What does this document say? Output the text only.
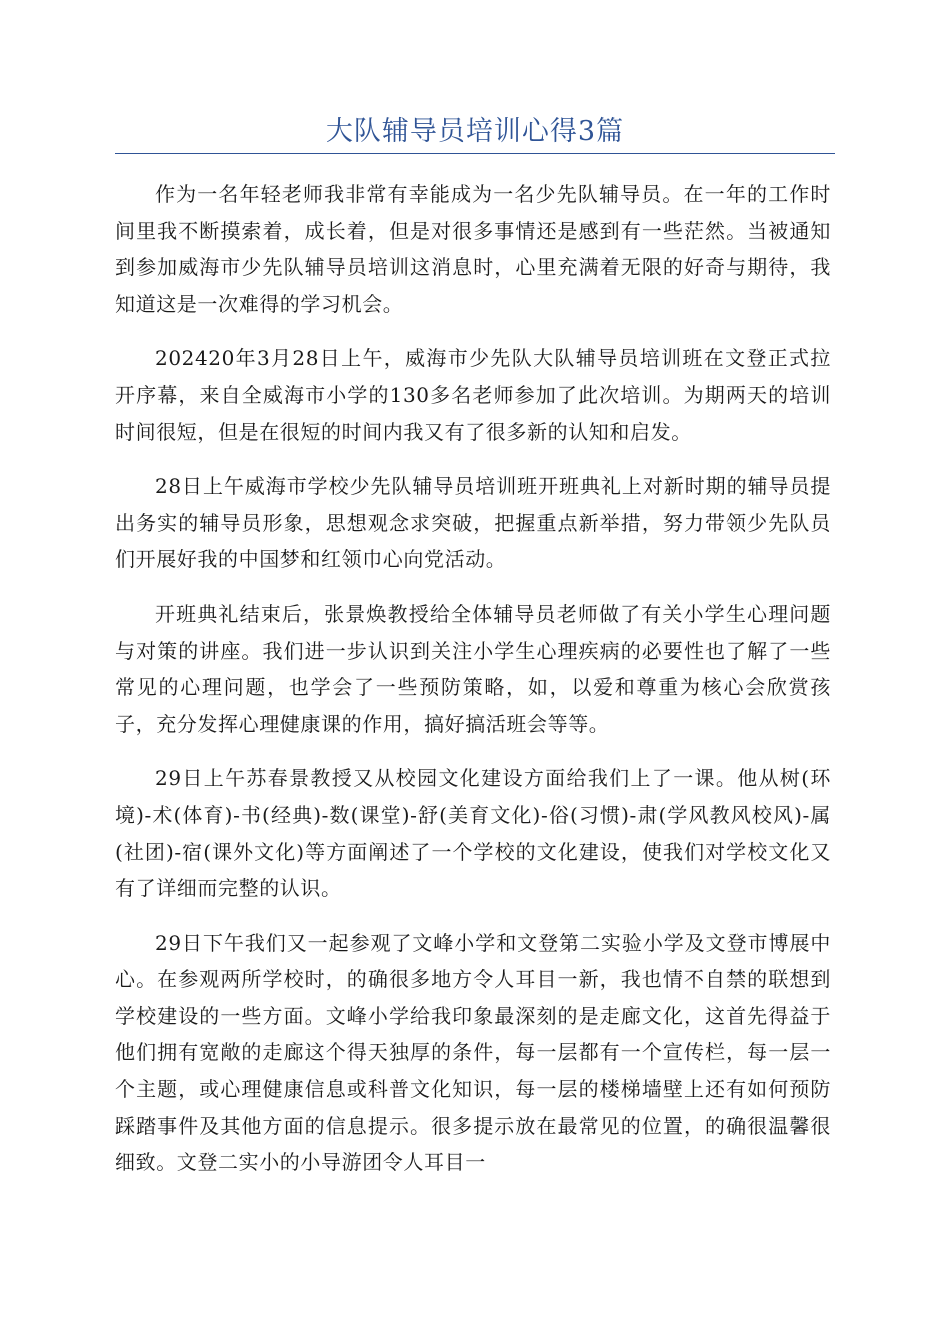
大队辅导员培训心得3篇

作为一名年轻老师我非常有幸能成为一名少先队辅导员。在一年的工作时间里我不断摸索着，成长着，但是对很多事情还是感到有一些茫然。当被通知到参加威海市少先队辅导员培训这消息时，心里充满着无限的好奇与期待，我知道这是一次难得的学习机会。

202420年3月28日上午，威海市少先队大队辅导员培训班在文登正式拉开序幕，来自全威海市小学的130多名老师参加了此次培训。为期两天的培训时间很短，但是在很短的时间内我又有了很多新的认知和启发。

28日上午威海市学校少先队辅导员培训班开班典礼上对新时期的辅导员提出务实的辅导员形象，思想观念求突破，把握重点新举措，努力带领少先队员们开展好我的中国梦和红领巾心向党活动。

开班典礼结束后，张景焕教授给全体辅导员老师做了有关小学生心理问题与对策的讲座。我们进一步认识到关注小学生心理疾病的必要性也了解了一些常见的心理问题，也学会了一些预防策略，如，以爱和尊重为核心会欣赏孩子，充分发挥心理健康课的作用，搞好搞活班会等等。

29日上午苏春景教授又从校园文化建设方面给我们上了一课。他从树(环境)-术(体育)-书(经典)-数(课堂)-舒(美育文化)-俗(习惯)-肃(学风教风校风)-属(社团)-宿(课外文化)等方面阐述了一个学校的文化建设，使我们对学校文化又有了详细而完整的认识。

29日下午我们又一起参观了文峰小学和文登第二实验小学及文登市博展中心。在参观两所学校时，的确很多地方令人耳目一新，我也情不自禁的联想到学校建设的一些方面。文峰小学给我印象最深刻的是走廊文化，这首先得益于他们拥有宽敞的走廊这个得天独厚的条件，每一层都有一个宣传栏，每一层一个主题，或心理健康信息或科普文化知识，每一层的楼梯墙壁上还有如何预防踩踏事件及其他方面的信息提示。很多提示放在最常见的位置，的确很温馨很细致。文登二实小的小导游团令人耳目一
